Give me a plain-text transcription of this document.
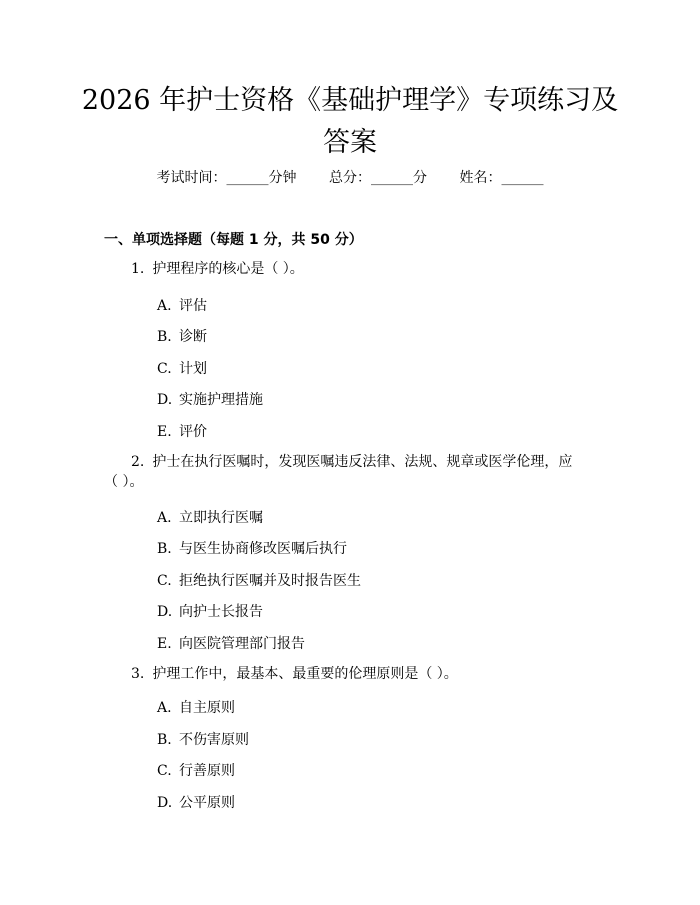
2026 年护士资格《基础护理学》专项练习及
答案
考试时间：______分钟 总分：______分 姓名：______
一、单项选择题（每题 1 分，共 50 分）
1. 护理程序的核心是（ ）。
A. 评估
B. 诊断
C. 计划
D. 实施护理措施
E. 评价
2. 护士在执行医嘱时，发现医嘱违反法律、法规、规章或医学伦理，应
（ ）。
A. 立即执行医嘱
B. 与医生协商修改医嘱后执行
C. 拒绝执行医嘱并及时报告医生
D. 向护士长报告
E. 向医院管理部门报告
3. 护理工作中，最基本、最重要的伦理原则是（ ）。
A. 自主原则
B. 不伤害原则
C. 行善原则
D. 公平原则
